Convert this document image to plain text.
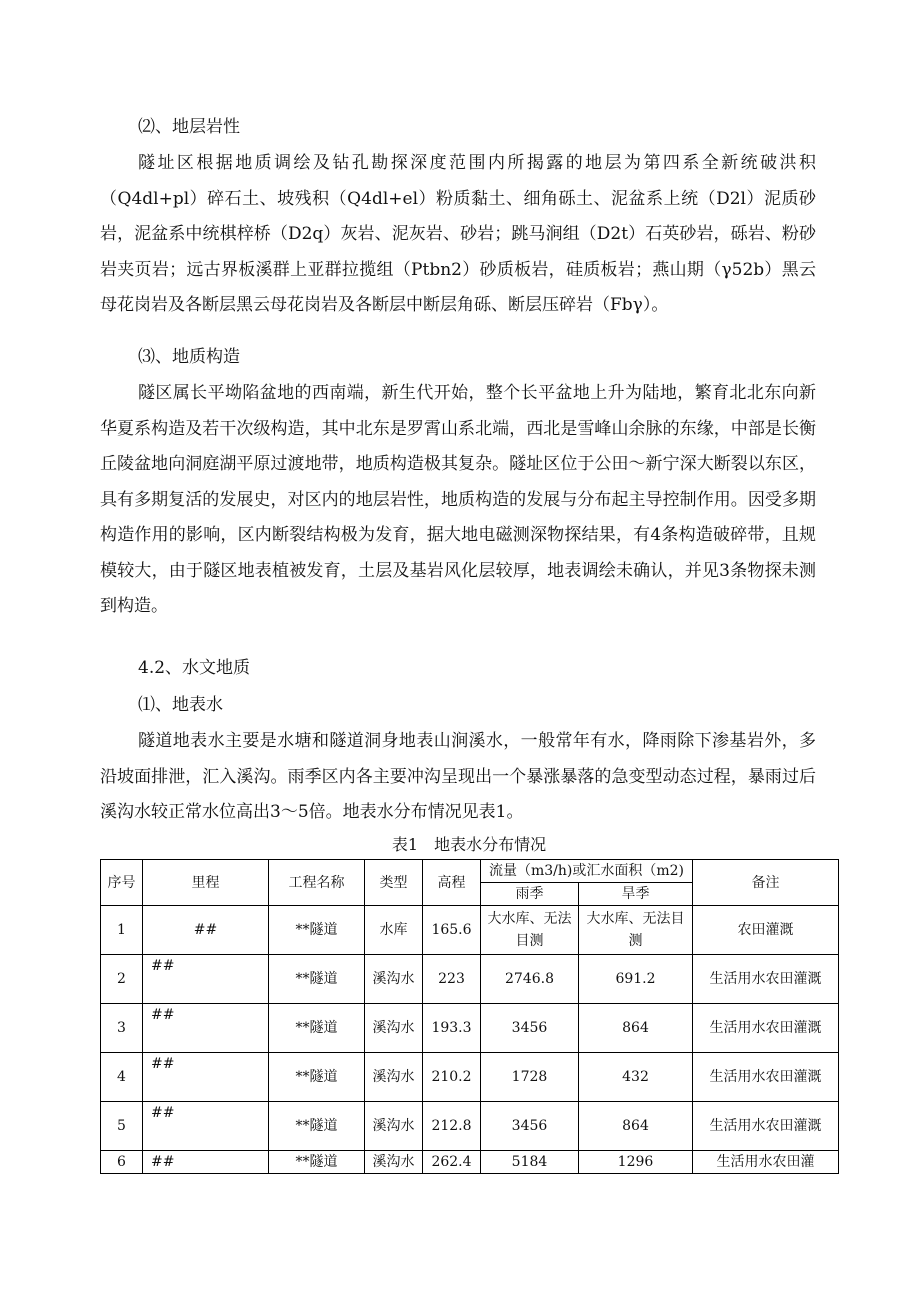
⑵、地层岩性
隧址区根据地质调绘及钻孔勘探深度范围内所揭露的地层为第四系全新统破洪积（Q4dl+pl）碎石土、坡残积（Q4dl+el）粉质黏土、细角砾土、泥盆系上统（D2l）泥质砂岩，泥盆系中统棋梓桥（D2q）灰岩、泥灰岩、砂岩；跳马涧组（D2t）石英砂岩，砾岩、粉砂岩夹页岩；远古界板溪群上亚群拉揽组（Ptbn2）砂质板岩，硅质板岩；燕山期（γ52b）黑云母花岗岩及各断层黑云母花岗岩及各断层中断层角砾、断层压碎岩（Fbγ）。
⑶、地质构造
隧区属长平坳陷盆地的西南端，新生代开始，整个长平盆地上升为陆地，繁育北北东向新华夏系构造及若干次级构造，其中北东是罗霄山系北端，西北是雪峰山余脉的东缘，中部是长衡丘陵盆地向洞庭湖平原过渡地带，地质构造极其复杂。隧址区位于公田～新宁深大断裂以东区，具有多期复活的发展史，对区内的地层岩性，地质构造的发展与分布起主导控制作用。因受多期构造作用的影响，区内断裂结构极为发育，据大地电磁测深物探结果，有4条构造破碎带，且规模较大，由于隧区地表植被发育，土层及基岩风化层较厚，地表调绘未确认，并见3条物探未测到构造。
4.2、水文地质
⑴、地表水
隧道地表水主要是水塘和隧道洞身地表山涧溪水，一般常年有水，降雨除下渗基岩外，多沿坡面排泄，汇入溪沟。雨季区内各主要冲沟呈现出一个暴涨暴落的急变型动态过程，暴雨过后溪沟水较正常水位高出3～5倍。地表水分布情况见表1。
表1　地表水分布情况
序号	里程	工程名称	类型	高程	流量（m3/h)或汇水面积（m2)		备注
					雨季	旱季	
1	##	**隧道	水库	165.6	大水库、无法目测	大水库、无法目测	农田灌溉
2	##	**隧道	溪沟水	223	2746.8	691.2	生活用水农田灌溉
3	##	**隧道	溪沟水	193.3	3456	864	生活用水农田灌溉
4	##	**隧道	溪沟水	210.2	1728	432	生活用水农田灌溉
5	##	**隧道	溪沟水	212.8	3456	864	生活用水农田灌溉
6	##	**隧道	溪沟水	262.4	5184	1296	生活用水农田灌
